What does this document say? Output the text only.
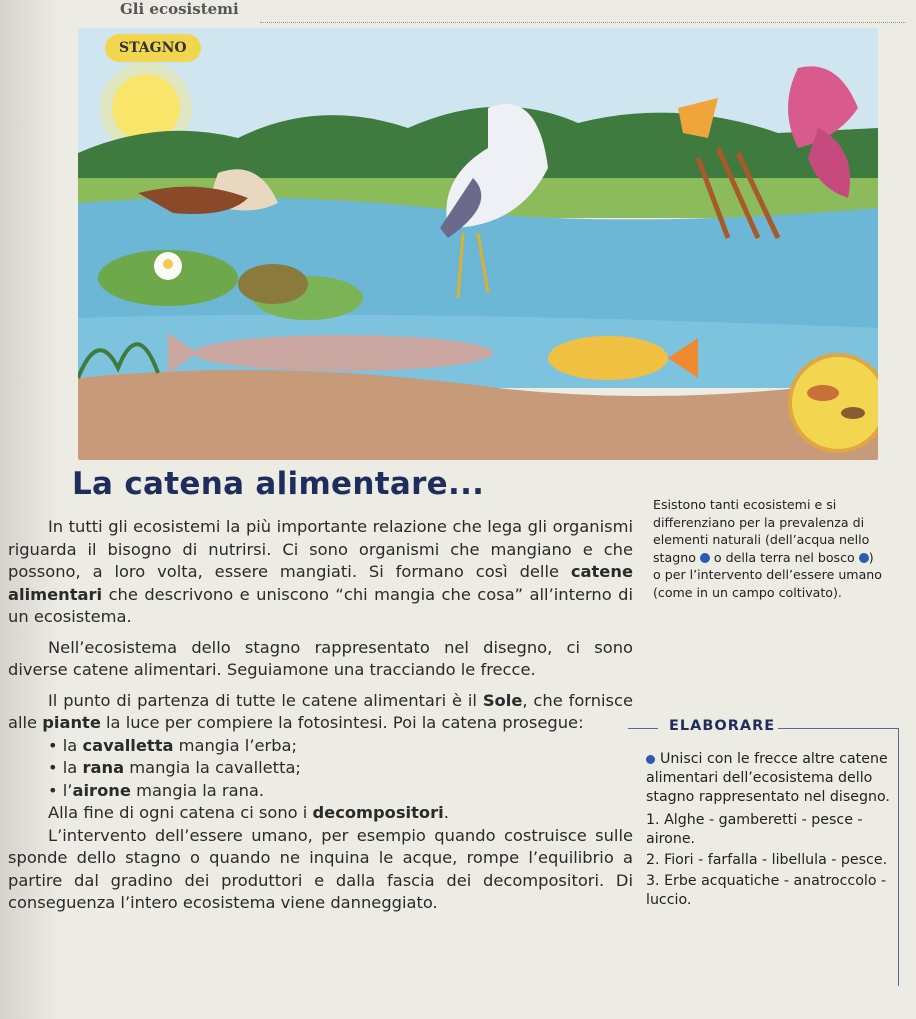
Gli ecosistemi
STAGNO
La catena alimentare...

In tutti gli ecosistemi la più importante relazione che lega gli organismi riguarda il bisogno di nutrirsi. Ci sono organismi che mangiano e che possono, a loro volta, essere mangiati. Si formano così delle catene alimentari che descrivono e uniscono “chi mangia che cosa” all’interno di un ecosistema.

Nell’ecosistema dello stagno rappresentato nel disegno, ci sono diverse catene alimentari. Seguiamone una tracciando le frecce.

Il punto di partenza di tutte le catene alimentari è il Sole, che fornisce alle piante la luce per compiere la fotosintesi. Poi la catena prosegue:

• la cavalletta mangia l’erba;

• la rana mangia la cavalletta;

• l’airone mangia la rana.

Alla fine di ogni catena ci sono i decompositori.

L’intervento dell’essere umano, per esempio quando costruisce sulle sponde dello stagno o quando ne inquina le acque, rompe l’equilibrio a partire dal gradino dei produttori e dalla fascia dei decompositori. Di conseguenza l’intero ecosistema viene danneggiato.

Esistono tanti ecosistemi e si differenziano per la prevalenza di elementi naturali (dell’acqua nello stagno  o della terra nel bosco ) o per l’intervento dell’essere umano (come in un campo coltivato).
ELABORARE
Unisci con le frecce altre catene alimentari dell’ecosistema dello stagno rappresentato nel disegno.
1. Alghe - gamberetti - pesce - airone.
2. Fiori - farfalla - libellula - pesce.
3. Erbe acquatiche - anatroccolo - luccio.
